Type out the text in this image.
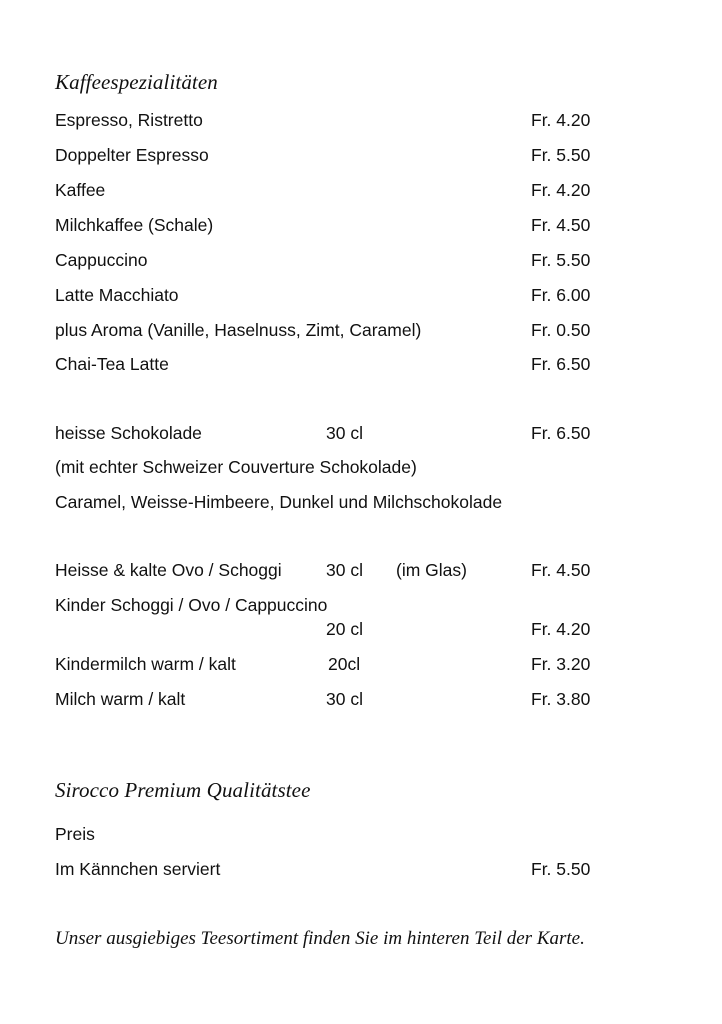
Kaffeespezialitäten
Espresso, Ristretto	Fr. 4.20
Doppelter Espresso	Fr. 5.50
Kaffee	Fr. 4.20
Milchkaffee (Schale)	Fr. 4.50
Cappuccino	Fr. 5.50
Latte Macchiato	Fr. 6.00
plus Aroma (Vanille, Haselnuss, Zimt, Caramel)	Fr. 0.50
Chai-Tea Latte	Fr. 6.50
heisse Schokolade	30 cl	Fr. 6.50
(mit echter Schweizer Couverture Schokolade)
Caramel, Weisse-Himbeere, Dunkel und Milchschokolade
Heisse & kalte Ovo / Schoggi	30 cl (im Glas)	Fr. 4.50
Kinder Schoggi / Ovo / Cappuccino
20 cl	Fr. 4.20
Kindermilch warm / kalt	20cl	Fr. 3.20
Milch warm / kalt	30 cl	Fr. 3.80
Sirocco Premium Qualitätstee
Preis
Im Kännchen serviert	Fr. 5.50
Unser ausgiebiges Teesortiment finden Sie im hinteren Teil der Karte.
